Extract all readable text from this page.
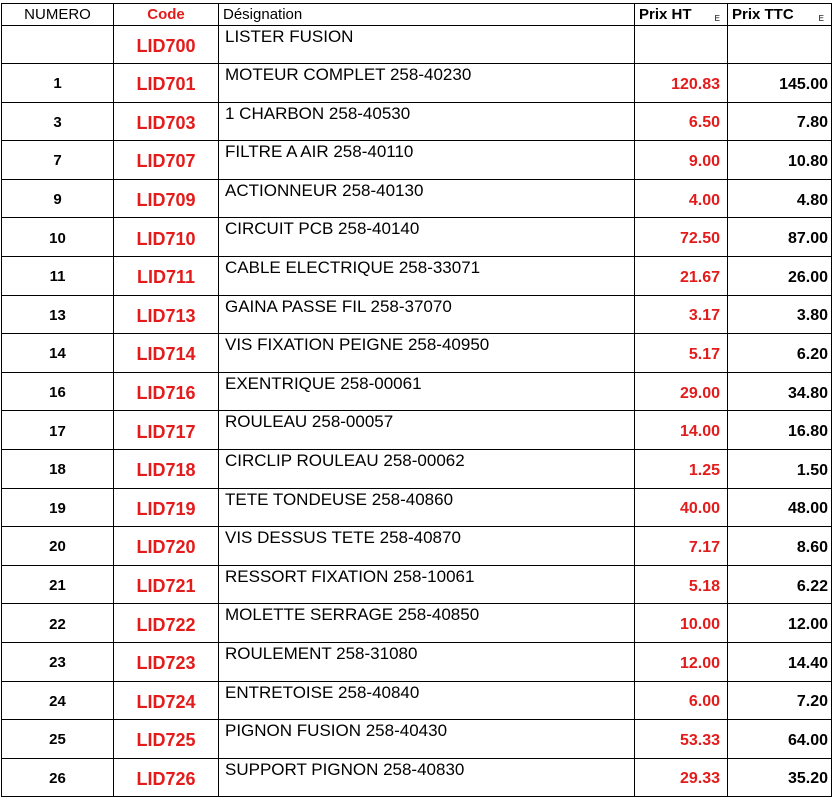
NUMERO	Code	Désignation	Prix HT E	Prix TTC E

	LID700	LISTER FUSION		
1	LID701	MOTEUR COMPLET 258-40230	120.83	145.00
3	LID703	1 CHARBON 258-40530	6.50	7.80
7	LID707	FILTRE A AIR 258-40110	9.00	10.80
9	LID709	ACTIONNEUR 258-40130	4.00	4.80
10	LID710	CIRCUIT PCB 258-40140	72.50	87.00
11	LID711	CABLE ELECTRIQUE 258-33071	21.67	26.00
13	LID713	GAINA PASSE FIL 258-37070	3.17	3.80
14	LID714	VIS FIXATION PEIGNE 258-40950	5.17	6.20
16	LID716	EXENTRIQUE 258-00061	29.00	34.80
17	LID717	ROULEAU 258-00057	14.00	16.80
18	LID718	CIRCLIP ROULEAU 258-00062	1.25	1.50
19	LID719	TETE TONDEUSE 258-40860	40.00	48.00
20	LID720	VIS DESSUS TETE 258-40870	7.17	8.60
21	LID721	RESSORT FIXATION 258-10061	5.18	6.22
22	LID722	MOLETTE SERRAGE 258-40850	10.00	12.00
23	LID723	ROULEMENT 258-31080	12.00	14.40
24	LID724	ENTRETOISE 258-40840	6.00	7.20
25	LID725	PIGNON FUSION 258-40430	53.33	64.00
26	LID726	SUPPORT PIGNON 258-40830	29.33	35.20
